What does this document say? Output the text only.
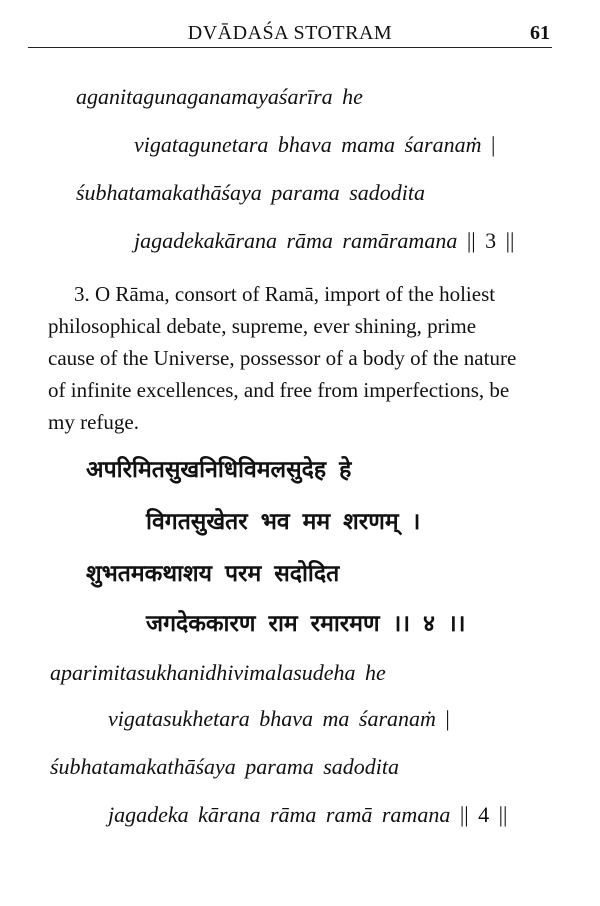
DVĀDAŚA STOTRAM	61
aganitagunaganamayaśarīra he
vigatagunetara bhava mama śaranaṁ |
śubhatamakathāśaya parama sadodita
jagadekakārana rāma ramāramana || 3 ||

3. O Rāma, consort of Ramā, import of the holiest

philosophical debate, supreme, ever shining, prime

cause of the Universe, possessor of a body of the nature

of infinite excellences, and free from imperfections, be

my refuge.

अपरिमितसुखनिधिविमलसुदेह हे
विगतसुखेतर भव मम शरणम् ।
शुभतमकथाशय परम सदोदित
जगदेककारण राम रमारमण ।। ४ ।।
aparimitasukhanidhivimalasudeha he
vigatasukhetara bhava ma śaranaṁ |
śubhatamakathāśaya parama sadodita
jagadeka kārana rāma ramā ramana || 4 ||
